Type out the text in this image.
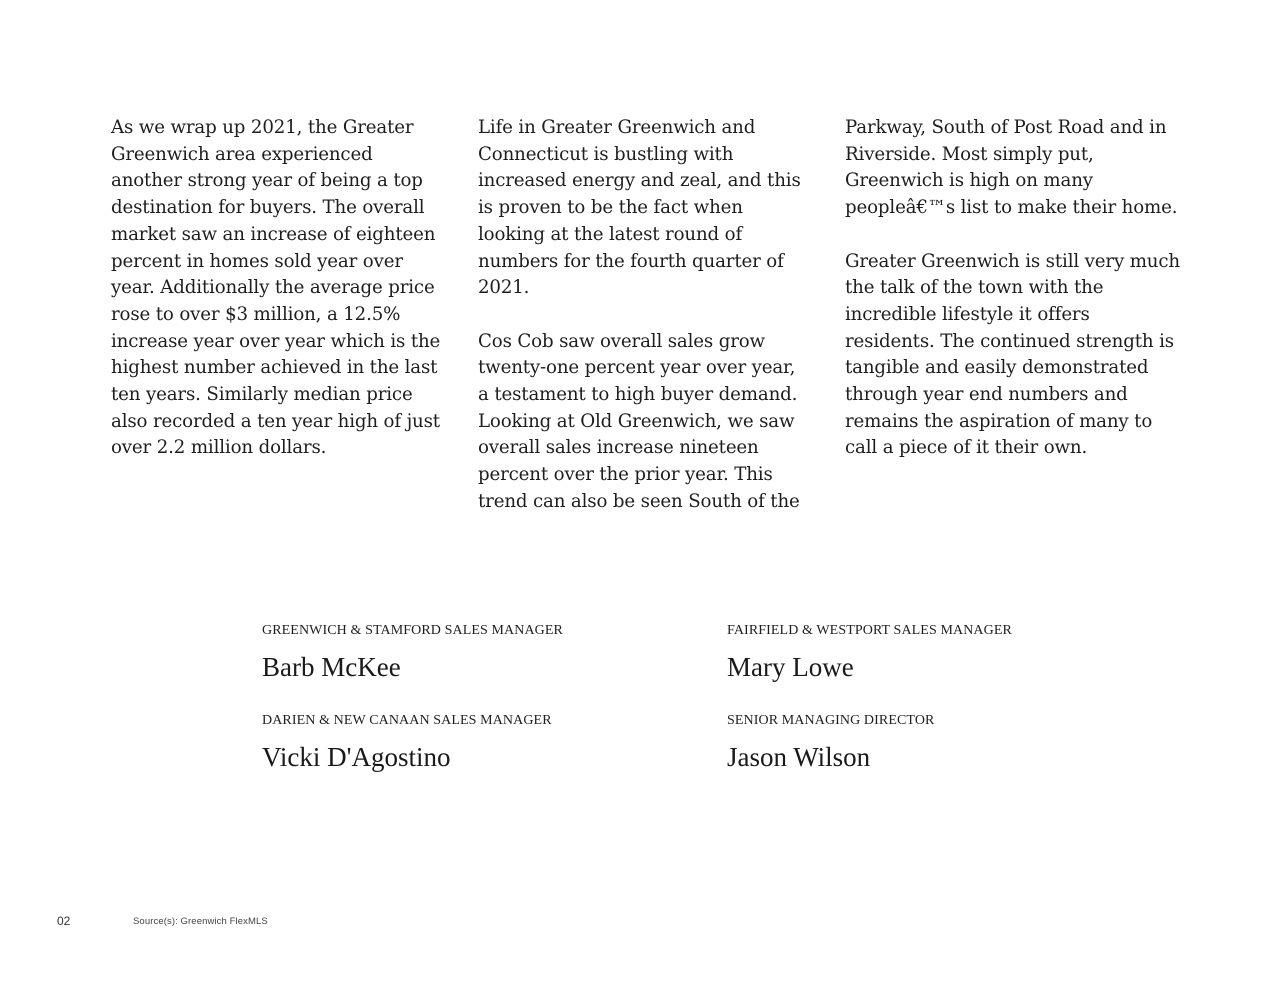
As we wrap up 2021, the Greater Greenwich area experienced another strong year of being a top destination for buyers. The overall market saw an increase of eighteen percent in homes sold year over year. Additionally the average price rose to over $3 million, a 12.5% increase year over year which is the highest number achieved in the last ten years. Similarly median price also recorded a ten year high of just over 2.2 million dollars.

Life in Greater Greenwich and Connecticut is bustling with increased energy and zeal, and this is proven to be the fact when looking at the latest round of numbers for the fourth quarter of 2021.

Cos Cob saw overall sales grow twenty-one percent year over year, a testament to high buyer demand. Looking at Old Greenwich, we saw overall sales increase nineteen percent over the prior year. This trend can also be seen South of the

Parkway, South of Post Road and in Riverside. Most simply put, Greenwich is high on many peopleâ€™s list to make their home.

Greater Greenwich is still very much the talk of the town with the incredible lifestyle it offers residents. The continued strength is tangible and easily demonstrated through year end numbers and remains the aspiration of many to call a piece of it their own.

GREENWICH & STAMFORD SALES MANAGER
Barb McKee
FAIRFIELD & WESTPORT SALES MANAGER
Mary Lowe
DARIEN & NEW CANAAN SALES MANAGER
Vicki D'Agostino
SENIOR MANAGING DIRECTOR
Jason Wilson
02	Source(s): Greenwich FlexMLS
